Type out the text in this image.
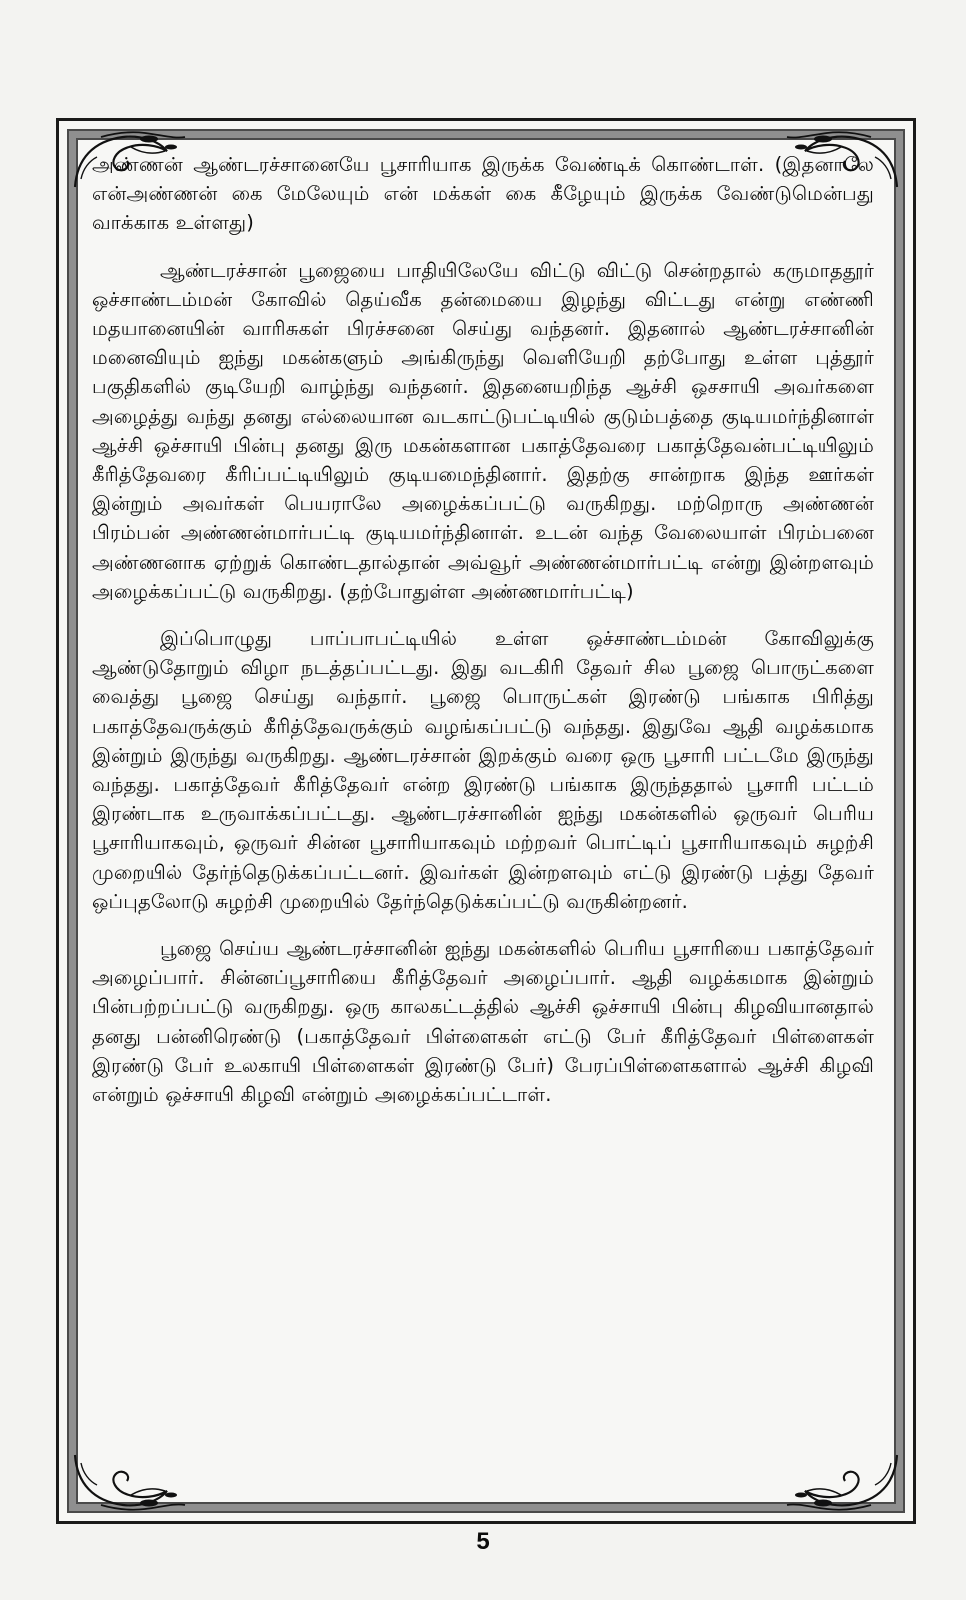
அண்ணன் ஆண்டரச்சானையே பூசாரியாக இருக்க வேண்டிக் கொண்டாள். (இதனாலே என்அண்ணன் கை மேலேயும் என் மக்கள் கை கீழேயும் இருக்க வேண்டுமென்பது வாக்காக உள்ளது)

ஆண்டரச்சான் பூஜையை பாதியிலேயே விட்டு விட்டு சென்றதால் கருமாததூர் ஒச்சாண்டம்மன் கோவில் தெய்வீக தன்மையை இழந்து விட்டது என்று எண்ணி மதயானையின் வாரிசுகள் பிரச்சனை செய்து வந்தனர். இதனால் ஆண்டரச்சானின் மனைவியும் ஐந்து மகன்களும் அங்கிருந்து வெளியேறி தற்போது உள்ள புத்தூர் பகுதிகளில் குடியேறி வாழ்ந்து வந்தனர். இதனையறிந்த ஆச்சி ஒசசாயி அவர்களை அழைத்து வந்து தனது எல்லையான வடகாட்டுபட்டியில் குடும்பத்தை குடியமர்ந்தினாள் ஆச்சி ஒச்சாயி பின்பு தனது இரு மகன்களான பகாத்தேவரை பகாத்தேவன்பட்டியிலும் கீரித்தேவரை கீரிப்பட்டியிலும் குடியமைந்தினார். இதற்கு சான்றாக இந்த ஊர்கள் இன்றும் அவர்கள் பெயராலே அழைக்கப்பட்டு வருகிறது. மற்றொரு அண்ணன் பிரம்பன் அண்ணன்மார்பட்டி குடியமர்ந்தினாள். உடன் வந்த வேலையாள் பிரம்பனை அண்ணனாக ஏற்றுக் கொண்டதால்தான் அவ்வூர் அண்ணன்மார்பட்டி என்று இன்றளவும் அழைக்கப்பட்டு வருகிறது. (தற்போதுள்ள அண்ணமார்பட்டி)

இப்பொழுது பாப்பாபட்டியில் உள்ள ஒச்சாண்டம்மன் கோவிலுக்கு ஆண்டுதோறும் விழா நடத்தப்பட்டது. இது வடகிரி தேவர் சில பூஜை பொருட்களை வைத்து பூஜை செய்து வந்தார். பூஜை பொருட்கள் இரண்டு பங்காக பிரித்து பகாத்தேவருக்கும் கீரித்தேவருக்கும் வழங்கப்பட்டு வந்தது. இதுவே ஆதி வழக்கமாக இன்றும் இருந்து வருகிறது. ஆண்டரச்சான் இறக்கும் வரை ஒரு பூசாரி பட்டமே இருந்து வந்தது. பகாத்தேவர் கீரித்தேவர் என்ற இரண்டு பங்காக இருந்ததால் பூசாரி பட்டம் இரண்டாக உருவாக்கப்பட்டது. ஆண்டரச்சானின் ஐந்து மகன்களில் ஒருவர் பெரிய பூசாரியாகவும், ஒருவர் சின்ன பூசாரியாகவும் மற்றவர் பொட்டிப் பூசாரியாகவும் சுழற்சி முறையில் தேர்ந்தெடுக்கப்பட்டனர். இவர்கள் இன்றளவும் எட்டு இரண்டு பத்து தேவர் ஒப்புதலோடு சுழற்சி முறையில் தேர்ந்தெடுக்கப்பட்டு வருகின்றனர்.

பூஜை செய்ய ஆண்டரச்சானின் ஐந்து மகன்களில் பெரிய பூசாரியை பகாத்தேவர் அழைப்பார். சின்னப்பூசாரியை கீரித்தேவர் அழைப்பார். ஆதி வழக்கமாக இன்றும் பின்பற்றப்பட்டு வருகிறது. ஒரு காலகட்டத்தில் ஆச்சி ஒச்சாயி பின்பு கிழவியானதால் தனது பன்னிரெண்டு (பகாத்தேவர் பிள்ளைகள் எட்டு பேர் கீரித்தேவர் பிள்ளைகள் இரண்டு பேர் உலகாயி பிள்ளைகள் இரண்டு பேர்) பேரப்பிள்ளைகளால் ஆச்சி கிழவி என்றும் ஒச்சாயி கிழவி என்றும் அழைக்கப்பட்டாள்.

5
